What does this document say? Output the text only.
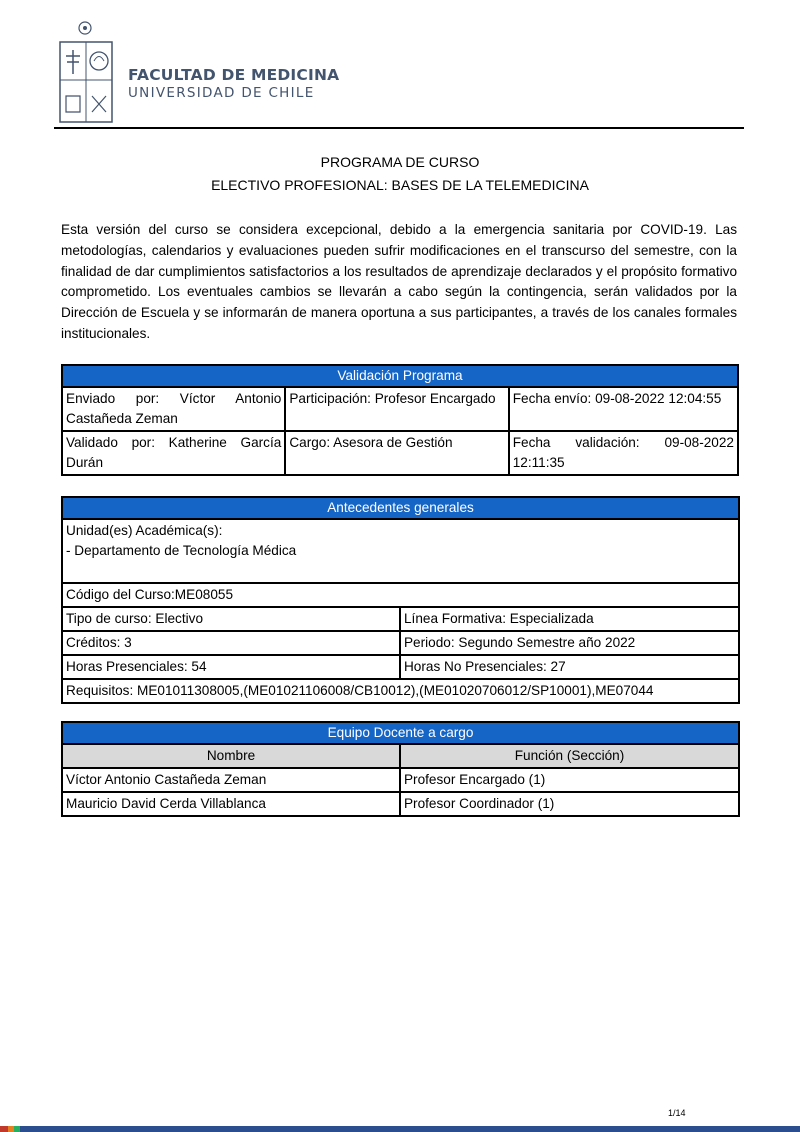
FACULTAD DE MEDICINA
UNIVERSIDAD DE CHILE
PROGRAMA DE CURSO
ELECTIVO PROFESIONAL: BASES DE LA TELEMEDICINA
Esta versión del curso se considera excepcional, debido a la emergencia sanitaria por COVID-19. Las metodologías, calendarios y evaluaciones pueden sufrir modificaciones en el transcurso del semestre, con la finalidad de dar cumplimientos satisfactorios a los resultados de aprendizaje declarados y el propósito formativo comprometido. Los eventuales cambios se llevarán a cabo según la contingencia, serán validados por la Dirección de Escuela y se informarán de manera oportuna a sus participantes, a través de los canales formales institucionales.
Validación Programa		
Enviado por: Víctor Antonio Castañeda Zeman	Participación: Profesor Encargado	Fecha envío: 09-08-2022 12:04:55
Validado por: Katherine García Durán	Cargo: Asesora de Gestión	Fecha validación: 09-08-2022 12:11:35
Antecedentes generales	

Unidad(es) Académica(s):
- Departamento de Tecnología Médica	

Código del Curso:ME08055	
Tipo de curso: Electivo	Línea Formativa: Especializada
Créditos: 3	Periodo: Segundo Semestre año 2022
Horas Presenciales: 54	Horas No Presenciales: 27
Requisitos: ME01011308005,(ME01021106008/CB10012),(ME01020706012/SP10001),ME07044	
Equipo Docente a cargo	
Nombre	Función (Sección)
Víctor Antonio Castañeda Zeman	Profesor Encargado (1)
Mauricio David Cerda Villablanca	Profesor Coordinador (1)
1/14
